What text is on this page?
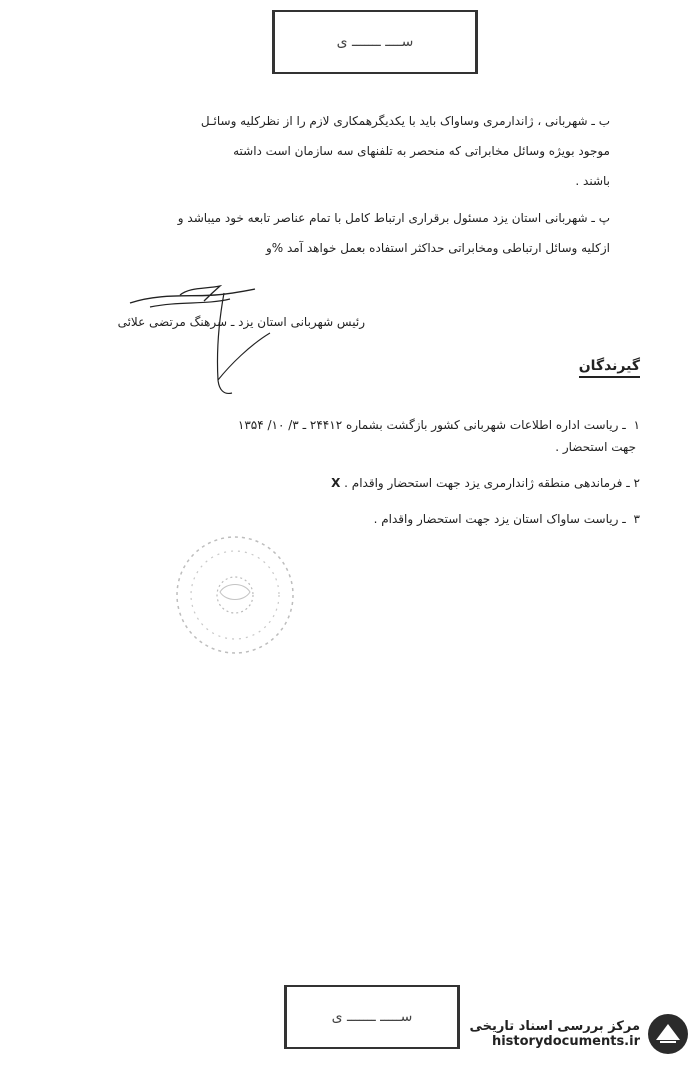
ســــ ـــــــ ی
ب ـ شهربانی ، ژاندارمری وساواک باید با یکدیگرهمکاری لازم را از نظرکلیه وسائـل
موجود بویژه وسائل مخابراتی که منحصر به تلفنهای سه سازمان است داشته
باشند .
پ ـ شهربانی استان یزد مسئول برقراری ارتباط کامل با تمام عناصر تابعه خود میباشد و
ازکلیه وسائل ارتباطی ومخابراتی حداکثر استفاده بعمل خواهد آمد %و
رئیس شهربانی استان یزد ـ سرهنگ مرتضی علائی
گیرندگان
۱ ـ ریاست اداره اطلاعات شهربانی کشور بازگشت بشماره ۲۴۴۱۲ ـ ۳/ ۱۰/ ۱۳۵۴
جهت استحضار .
۲ ـ فرماندهی منطقه ژاندارمری یزد جهت استحضار واقدام . X
۳ ـ ریاست ساواک استان یزد جهت استحضار واقدام .
ســـــ ـــــــ ی
مرکز بررسی اسناد تاریخی
historydocuments.ir
